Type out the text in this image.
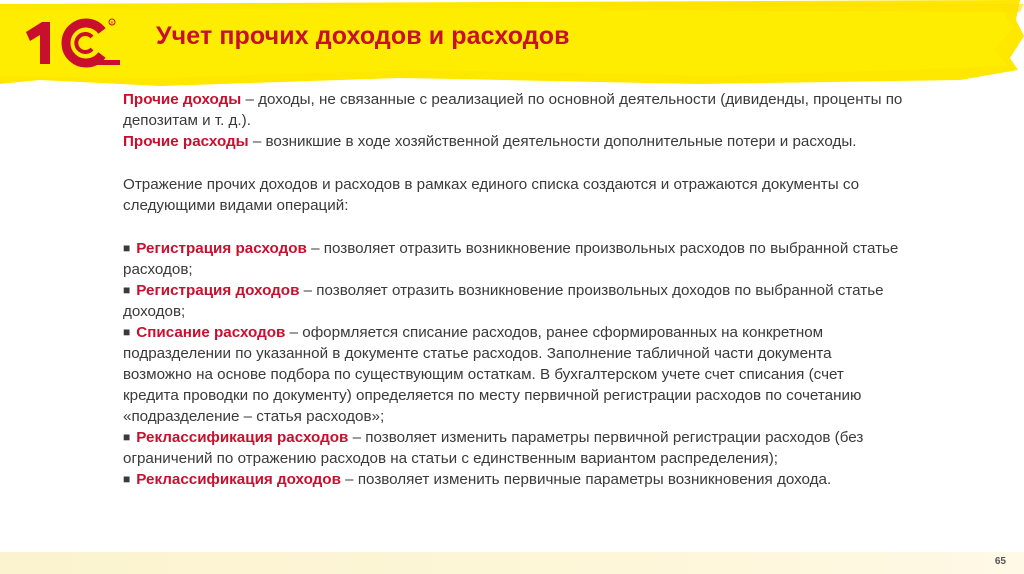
R Учет прочих доходов и расходов

Прочие доходы – доходы, не связанные с реализацией по основной деятельности (дивиденды, проценты по депозитам и т. д.).

Прочие расходы – возникшие в ходе хозяйственной деятельности дополнительные потери и расходы.

Отражение прочих доходов и расходов в рамках единого списка создаются и отражаются документы со следующими видами операций:

■ Регистрация расходов – позволяет отразить возникновение произвольных расходов по выбранной статье расходов;

■ Регистрация доходов – позволяет отразить возникновение произвольных доходов по выбранной статье доходов;

■ Списание расходов – оформляется списание расходов, ранее сформированных на конкретном подразделении по указанной в документе статье расходов. Заполнение табличной части документа возможно на основе подбора по существующим остаткам. В бухгалтерском учете счет списания (счет кредита проводки по документу) определяется по месту первичной регистрации расходов по сочетанию «подразделение – статья расходов»;

■ Реклассификация расходов – позволяет изменить параметры первичной регистрации расходов (без ограничений по отражению расходов на статьи с единственным вариантом распределения);

■ Реклассификация доходов – позволяет изменить первичные параметры возникновения дохода.

65
